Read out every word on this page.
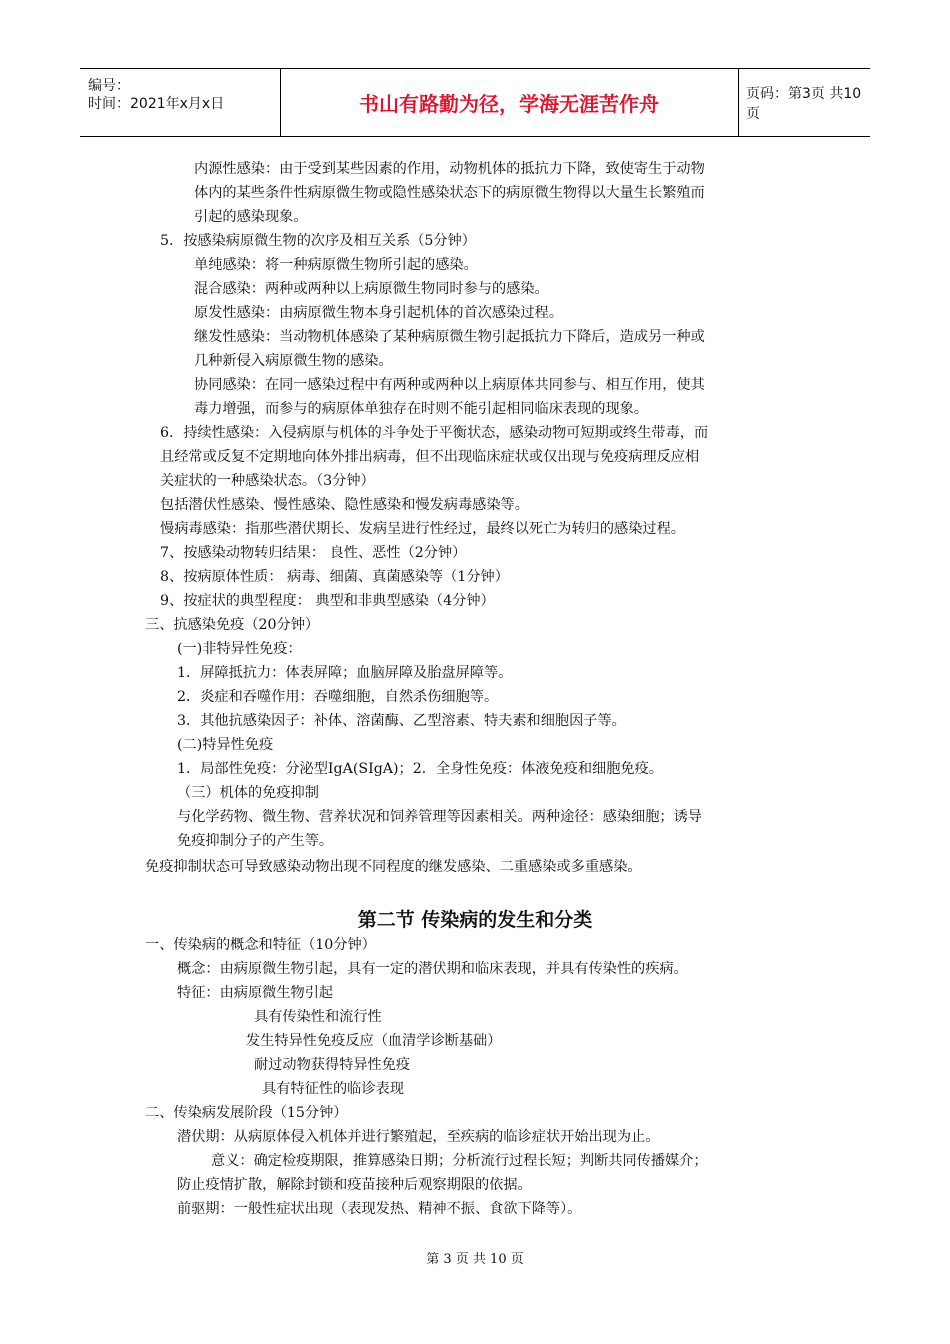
编号：
时间：2021年x月x日	书山有路勤为径，学海无涯苦作舟	页码：第3页 共10页
内源性感染：由于受到某些因素的作用，动物机体的抵抗力下降，致使寄生于动物
体内的某些条件性病原微生物或隐性感染状态下的病原微生物得以大量生长繁殖而
引起的感染现象。
5．按感染病原微生物的次序及相互关系（5分钟）
单纯感染：将一种病原微生物所引起的感染。
混合感染：两种或两种以上病原微生物同时参与的感染。
原发性感染：由病原微生物本身引起机体的首次感染过程。
继发性感染：当动物机体感染了某种病原微生物引起抵抗力下降后，造成另一种或
几种新侵入病原微生物的感染。
协同感染：在同一感染过程中有两种或两种以上病原体共同参与、相互作用，使其
毒力增强，而参与的病原体单独存在时则不能引起相同临床表现的现象。
6．持续性感染：入侵病原与机体的斗争处于平衡状态，感染动物可短期或终生带毒，而
且经常或反复不定期地向体外排出病毒，但不出现临床症状或仅出现与免疫病理反应相
关症状的一种感染状态。（3分钟）
包括潜伏性感染、慢性感染、隐性感染和慢发病毒感染等。
慢病毒感染：指那些潜伏期长、发病呈进行性经过，最终以死亡为转归的感染过程。
7、按感染动物转归结果： 良性、恶性（2分钟）
8、按病原体性质： 病毒、细菌、真菌感染等（1分钟）
9、按症状的典型程度： 典型和非典型感染（4分钟）
三、抗感染免疫（20分钟）
(一)非特异性免疫：
1．屏障抵抗力：体表屏障；血脑屏障及胎盘屏障等。
2．炎症和吞噬作用：吞噬细胞，自然杀伤细胞等。
3．其他抗感染因子：补体、溶菌酶、乙型溶素、特夫素和细胞因子等。
(二)特异性免疫
1．局部性免疫：分泌型IgA(SIgA)；2．全身性免疫：体液免疫和细胞免疫。
（三）机体的免疫抑制
与化学药物、微生物、营养状况和饲养管理等因素相关。两种途径：感染细胞；诱导
免疫抑制分子的产生等。
免疫抑制状态可导致感染动物出现不同程度的继发感染、二重感染或多重感染。
第二节 传染病的发生和分类
一、传染病的概念和特征（10分钟）
概念：由病原微生物引起，具有一定的潜伏期和临床表现，并具有传染性的疾病。
特征：由病原微生物引起
具有传染性和流行性
发生特异性免疫反应（血清学诊断基础）
耐过动物获得特异性免疫
具有特征性的临诊表现
二、传染病发展阶段（15分钟）
潜伏期：从病原体侵入机体并进行繁殖起，至疾病的临诊症状开始出现为止。
意义：确定检疫期限，推算感染日期；分析流行过程长短；判断共同传播媒介；
防止疫情扩散，解除封锁和疫苗接种后观察期限的依据。
前驱期：一般性症状出现（表现发热、精神不振、食欲下降等）。
第 3 页 共 10 页
